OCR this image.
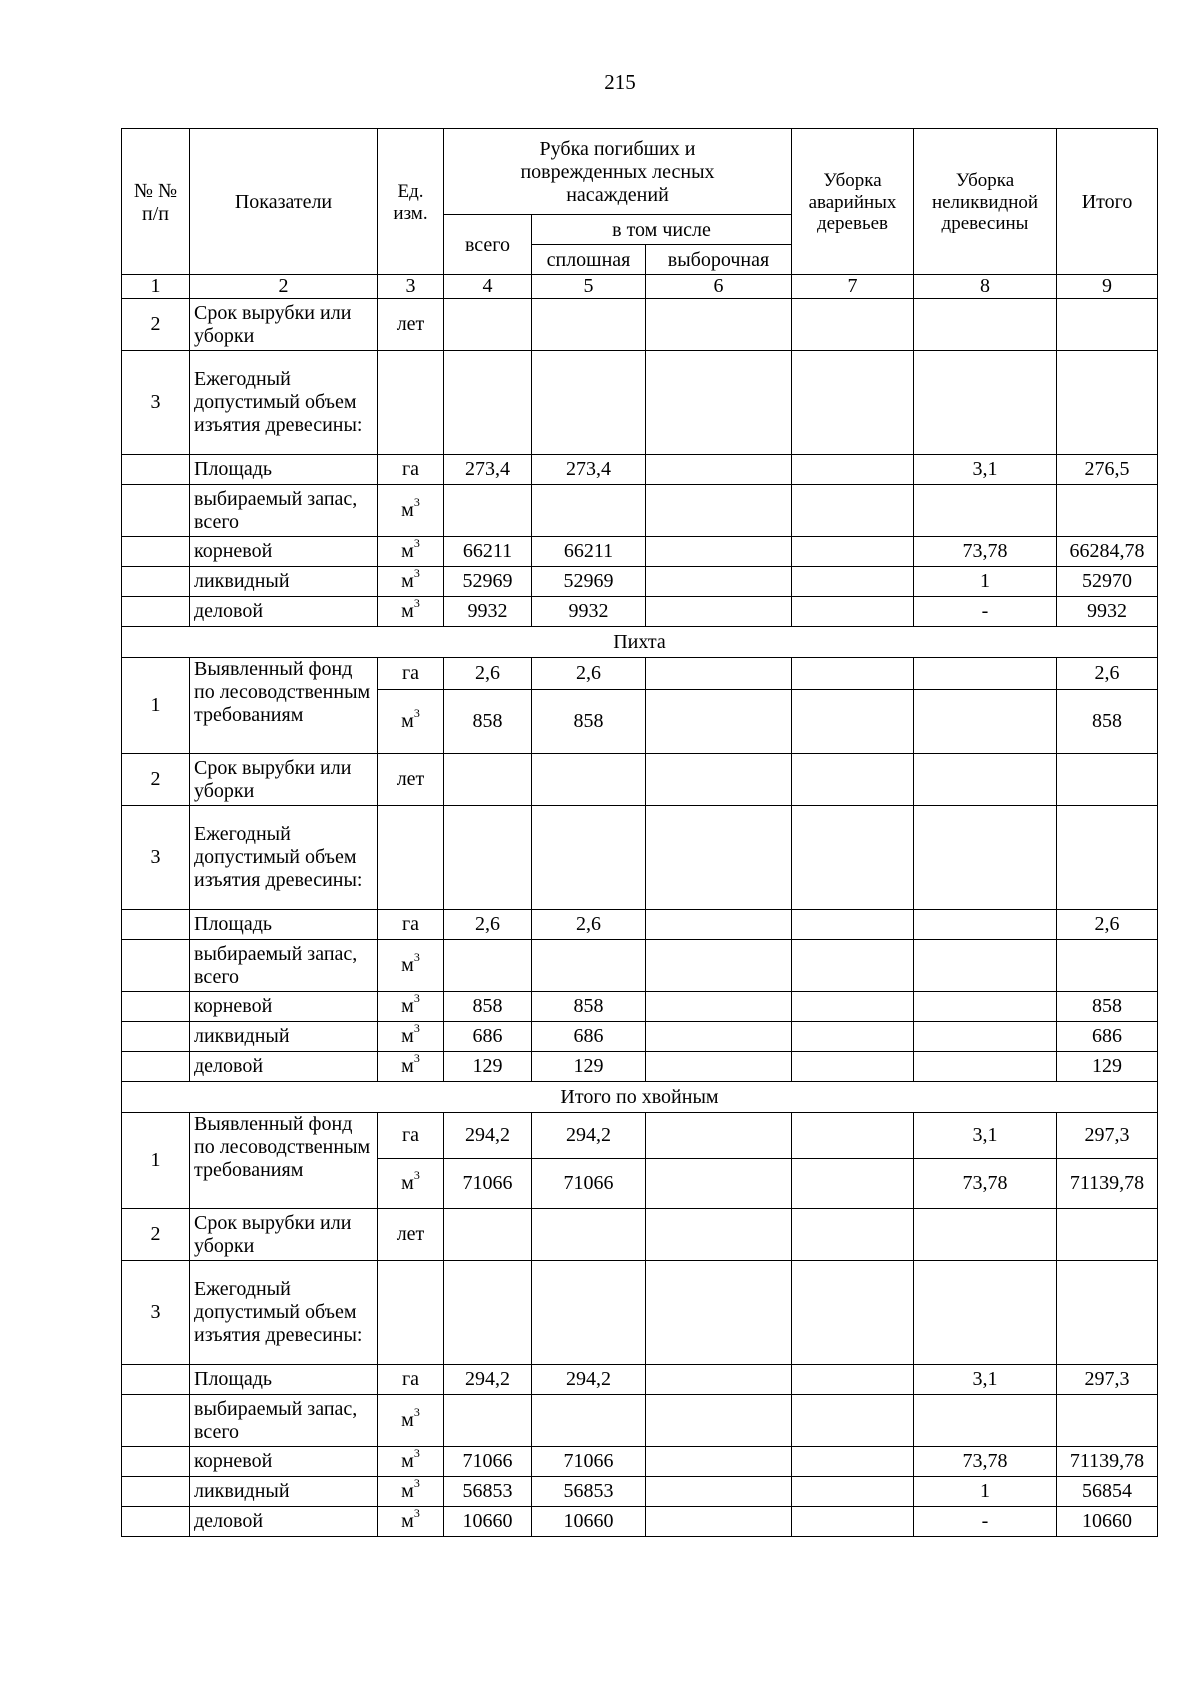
215
№ № п/п	Показатели	Ед. изм.	Рубка погибших и поврежденных лесных насаждений			Уборка аварийных деревьев	Уборка неликвидной древесины	Итого
			всего	в том числе				
				сплошная	выборочная			
1	2	3	4	5	6	7	8	9
2	Срок вырубки или уборки	лет						
3	Ежегодный допустимый объем изъятия древесины:							
	Площадь	га	273,4	273,4			3,1	276,5
	выбираемый запас, всего	$м^3$						
	корневой	$м^3$	66211	66211			73,78	66284,78
	ликвидный	$м^3$	52969	52969			1	52970
	деловой	$м^3$	9932	9932			-	9932
Пихта								
1	Выявленный фонд по лесоводственным требованиям	га	2,6	2,6				2,6
		$м^3$	858	858				858
2	Срок вырубки или уборки	лет						
3	Ежегодный допустимый объем изъятия древесины:							
	Площадь	га	2,6	2,6				2,6
	выбираемый запас, всего	$м^3$						
	корневой	$м^3$	858	858				858
	ликвидный	$м^3$	686	686				686
	деловой	$м^3$	129	129				129
Итого по хвойным								
1	Выявленный фонд по лесоводственным требованиям	га	294,2	294,2			3,1	297,3
		$м^3$	71066	71066			73,78	71139,78
2	Срок вырубки или уборки	лет						
3	Ежегодный допустимый объем изъятия древесины:							
	Площадь	га	294,2	294,2			3,1	297,3
	выбираемый запас, всего	$м^3$						
	корневой	$м^3$	71066	71066			73,78	71139,78
	ликвидный	$м^3$	56853	56853			1	56854
	деловой	$м^3$	10660	10660			-	10660
